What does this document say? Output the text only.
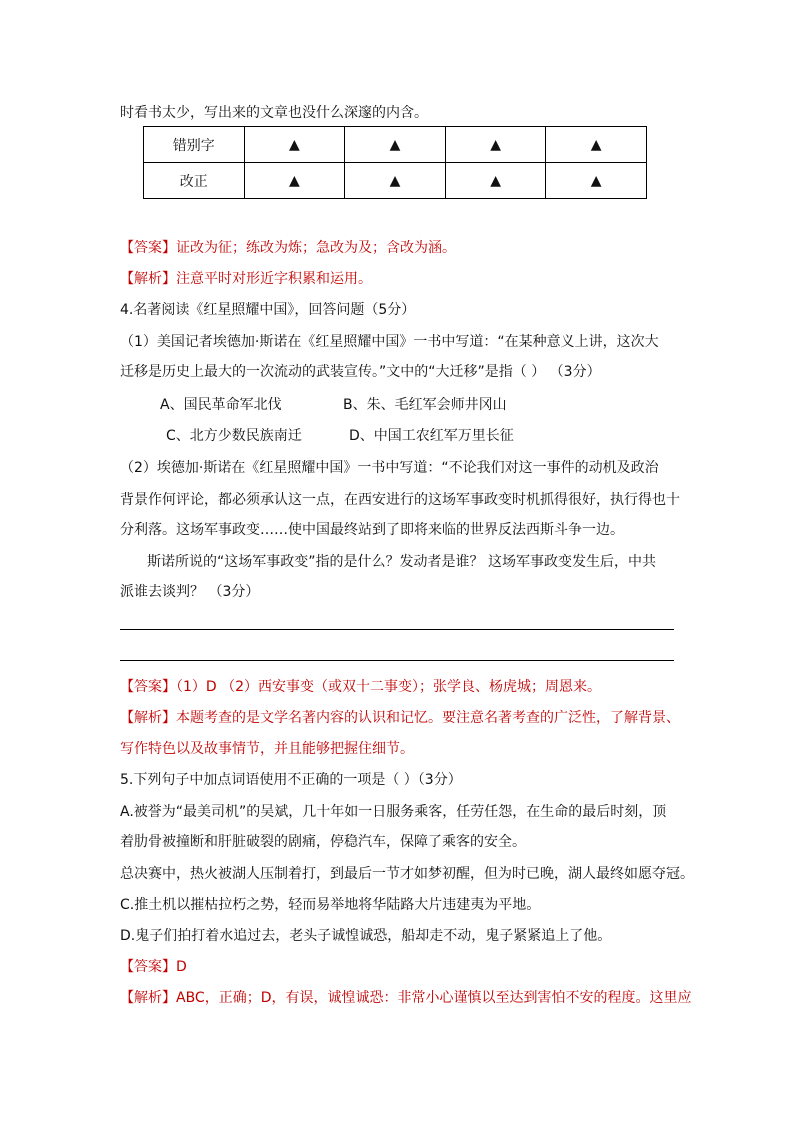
时看书太少，写出来的文章也没什么深邃的内含。
错别字	▲	▲	▲	▲
改正	▲	▲	▲	▲
【答案】证改为征；练改为炼；急改为及；含改为涵。
【解析】注意平时对形近字积累和运用。
4.名著阅读《红星照耀中国》，回答问题（5分）
（1）美国记者埃德加·斯诺在《红星照耀中国》一书中写道：“在某种意义上讲，这次大
迁移是历史上最大的一次流动的武装宣传。”文中的“大迁移”是指（ ） （3分）
A、国民革命军北伐	B、朱、毛红军会师井冈山
C、北方少数民族南迁	D、中国工农红军万里长征
（2）埃德加·斯诺在《红星照耀中国》一书中写道：“不论我们对这一事件的动机及政治
背景作何评论，都必须承认这一点，在西安进行的这场军事政变时机抓得很好，执行得也十
分利落。这场军事政变……使中国最终站到了即将来临的世界反法西斯斗争一边。
斯诺所说的“这场军事政变”指的是什么？发动者是谁？ 这场军事政变发生后，中共
派谁去谈判？ （3分）
【答案】（1）D （2）西安事变（或双十二事变）；张学良、杨虎城；周恩来。
【解析】本题考查的是文学名著内容的认识和记忆。要注意名著考查的广泛性，了解背景、
写作特色以及故事情节，并且能够把握住细节。
5.下列句子中加点词语使用不正确的一项是（ ）（3分）
A.被誉为“最美司机”的吴斌，几十年如一日服务乘客，任劳任怨，在生命的最后时刻，顶
着肋骨被撞断和肝脏破裂的剧痛，停稳汽车，保障了乘客的安全。
总决赛中，热火被湖人压制着打，到最后一节才如梦初醒，但为时已晚，湖人最终如愿夺冠。
C.推土机以摧枯拉朽之势，轻而易举地将华陆路大片违建夷为平地。
D.鬼子们拍打着水追过去，老头子诚惶诚恐，船却走不动，鬼子紧紧追上了他。
【答案】D
【解析】ABC，正确；D，有误，诚惶诚恐：非常小心谨慎以至达到害怕不安的程度。这里应
